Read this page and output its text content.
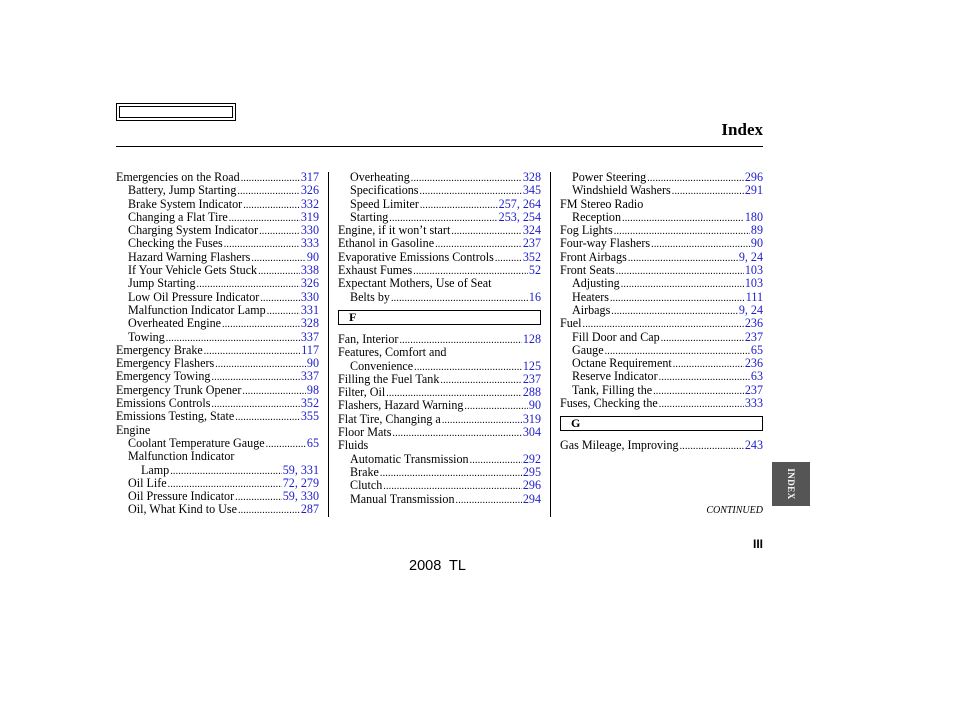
Index
Emergencies on the Road .....	317
Battery, Jump Starting .....	326
Brake System Indicator .....	332
Changing a Flat Tire .....	319
Charging System Indicator .....	330
Checking the Fuses .....	333
Hazard Warning Flashers .....	90
If Your Vehicle Gets Stuck .....	338
Jump Starting .....	326
Low Oil Pressure Indicator .....	330
Malfunction Indicator Lamp .....	331
Overheated Engine .....	328
Towing .....	337
Emergency Brake .....	117
Emergency Flashers .....	90
Emergency Towing .....	337
Emergency Trunk Opener .....	98
Emissions Controls .....	352
Emissions Testing, State .....	355
Engine
Coolant Temperature Gauge .....	65
Malfunction Indicator
Lamp .....	59, 331
Oil Life .....	72, 279
Oil Pressure Indicator .....	59, 330
Oil, What Kind to Use .....	287
Overheating .....	328
Specifications .....	345
Speed Limiter .....	257, 264
Starting .....	253, 254
Engine, if it won’t start .....	324
Ethanol in Gasoline .....	237
Evaporative Emissions Controls ..... 352
Exhaust Fumes .....	52
Expectant Mothers, Use of Seat
Belts by .....	16
F
Fan, Interior .....	128
Features, Comfort and
Convenience .....	125
Filling the Fuel Tank .....	237
Filter, Oil .....	288
Flashers, Hazard Warning .....	90
Flat Tire, Changing a .....	319
Floor Mats .....	304
Fluids
Automatic Transmission .....	292
Brake .....	295
Clutch .....	296
Manual Transmission .....	294
Power Steering .....	296
Windshield Washers .....	291
FM Stereo Radio
Reception .....	180
Fog Lights .....	89
Four-way Flashers .....	90
Front Airbags .....	9, 24
Front Seats .....	103
Adjusting .....	103
Heaters .....	111
Airbags .....	9, 24
Fuel .....	236
Fill Door and Cap .....	237
Gauge .....	65
Octane Requirement .....	236
Reserve Indicator .....	63
Tank, Filling the .....	237
Fuses, Checking the .....	333
G
Gas Mileage, Improving .....	243
CONTINUED
INDEX
III
2008 TL
